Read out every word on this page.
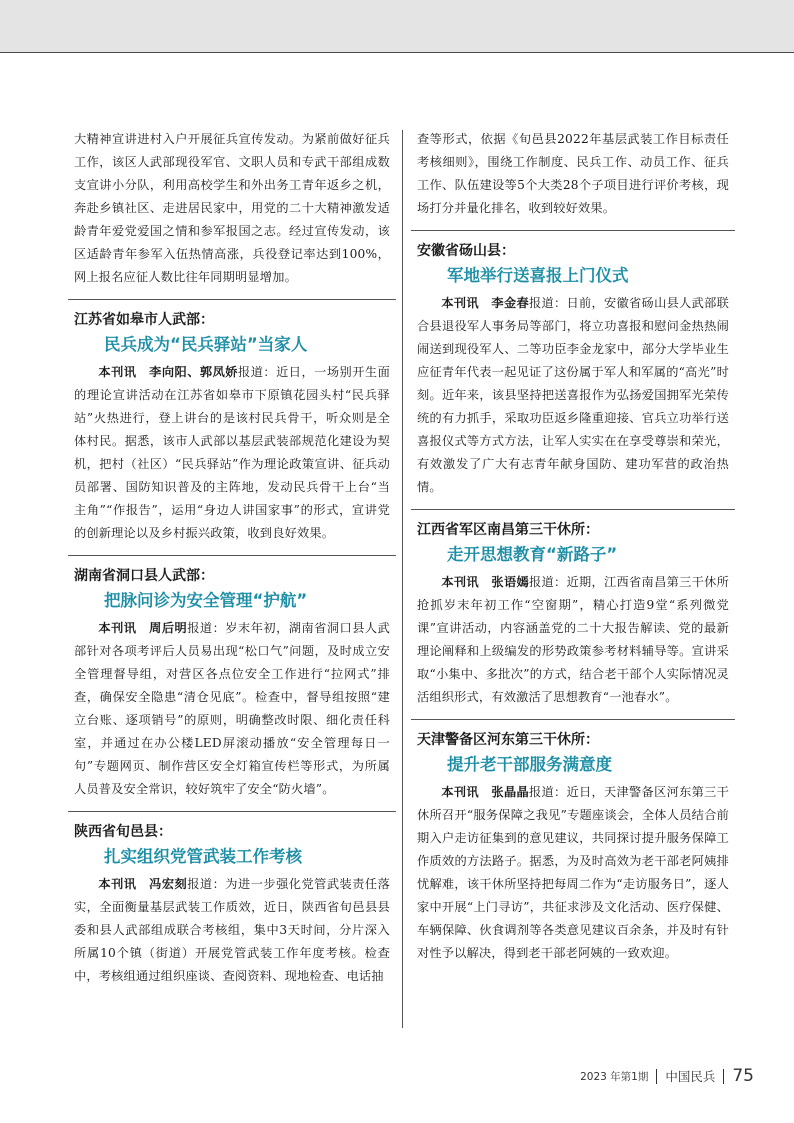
大精神宣讲进村入户开展征兵宣传发动。为紧前做好征兵工作，该区人武部现役军官、文职人员和专武干部组成数支宣讲小分队，利用高校学生和外出务工青年返乡之机，奔赴乡镇社区、走进居民家中，用党的二十大精神激发适龄青年爱党爱国之情和参军报国之志。经过宣传发动，该区适龄青年参军入伍热情高涨，兵役登记率达到100%，网上报名应征人数比往年同期明显增加。

江苏省如皋市人武部：
民兵成为“民兵驿站”当家人

本刊讯　李向阳、郭凤娇报道：近日，一场别开生面的理论宣讲活动在江苏省如皋市下原镇花园头村“民兵驿站”火热进行，登上讲台的是该村民兵骨干，听众则是全体村民。据悉，该市人武部以基层武装部规范化建设为契机，把村（社区）“民兵驿站”作为理论政策宣讲、征兵动员部署、国防知识普及的主阵地，发动民兵骨干上台“当主角”“作报告”，运用“身边人讲国家事”的形式，宣讲党的创新理论以及乡村振兴政策，收到良好效果。

湖南省洞口县人武部：
把脉问诊为安全管理“护航”

本刊讯　周后明报道：岁末年初，湖南省洞口县人武部针对各项考评后人员易出现“松口气”问题，及时成立安全管理督导组，对营区各点位安全工作进行“拉网式”排查，确保安全隐患“清仓见底”。检查中，督导组按照“建立台账、逐项销号”的原则，明确整改时限、细化责任科室，并通过在办公楼LED屏滚动播放“安全管理每日一句”专题网页、制作营区安全灯箱宣传栏等形式，为所属人员普及安全常识，较好筑牢了安全“防火墙”。

陕西省旬邑县：
扎实组织党管武装工作考核

本刊讯　冯宏刻报道：为进一步强化党管武装责任落实，全面衡量基层武装工作质效，近日，陕西省旬邑县县委和县人武部组成联合考核组，集中3天时间，分片深入所属10个镇（街道）开展党管武装工作年度考核。检查中，考核组通过组织座谈、查阅资料、现地检查、电话抽

查等形式，依据《旬邑县2022年基层武装工作目标责任考核细则》，围绕工作制度、民兵工作、动员工作、征兵工作、队伍建设等5个大类28个子项目进行评价考核，现场打分并量化排名，收到较好效果。

安徽省砀山县：
军地举行送喜报上门仪式

本刊讯　李金春报道：日前，安徽省砀山县人武部联合县退役军人事务局等部门，将立功喜报和慰问金热热闹闹送到现役军人、二等功臣李金龙家中，部分大学毕业生应征青年代表一起见证了这份属于军人和军属的“高光”时刻。近年来，该县坚持把送喜报作为弘扬爱国拥军光荣传统的有力抓手，采取功臣返乡隆重迎接、官兵立功举行送喜报仪式等方式方法，让军人实实在在享受尊崇和荣光，有效激发了广大有志青年献身国防、建功军营的政治热情。

江西省军区南昌第三干休所：
走开思想教育“新路子”

本刊讯　张语嫣报道：近期，江西省南昌第三干休所抢抓岁末年初工作“空窗期”，精心打造9堂“系列微党课”宣讲活动，内容涵盖党的二十大报告解读、党的最新理论阐释和上级编发的形势政策参考材料辅导等。宣讲采取“小集中、多批次”的方式，结合老干部个人实际情况灵活组织形式，有效激活了思想教育“一池春水”。

天津警备区河东第三干休所：
提升老干部服务满意度

本刊讯　张晶晶报道：近日，天津警备区河东第三干休所召开“服务保障之我见”专题座谈会，全体人员结合前期入户走访征集到的意见建议，共同探讨提升服务保障工作质效的方法路子。据悉，为及时高效为老干部老阿姨排忧解难，该干休所坚持把每周二作为“走访服务日”，逐人家中开展“上门寻访”，共征求涉及文化活动、医疗保健、车辆保障、伙食调剂等各类意见建议百余条，并及时有针对性予以解决，得到老干部老阿姨的一致欢迎。

2023 年第1期 中国民兵 75
